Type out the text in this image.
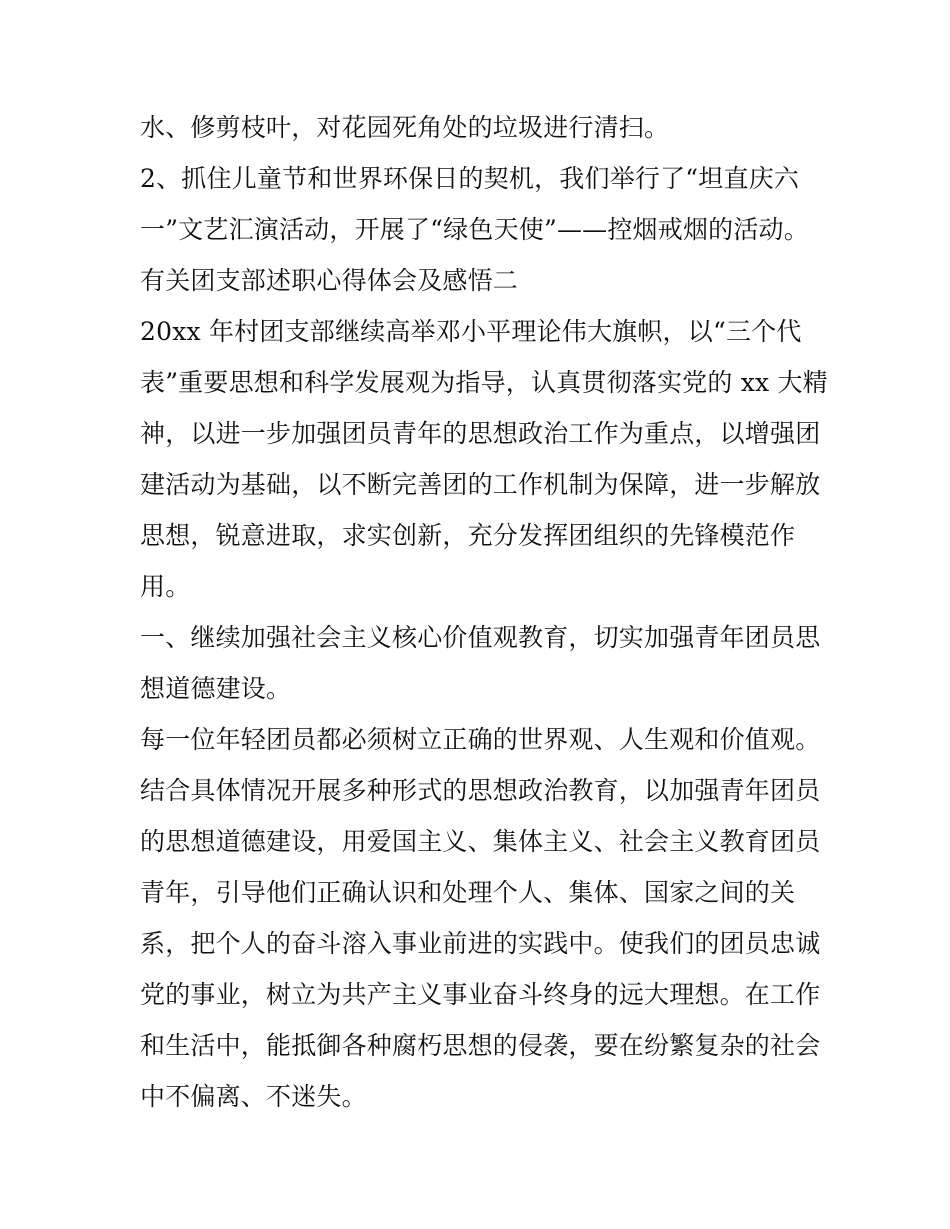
水、修剪枝叶，对花园死角处的垃圾进行清扫。

2、抓住儿童节和世界环保日的契机，我们举行了“坦直庆六

一”文艺汇演活动，开展了“绿色天使”——控烟戒烟的活动。

有关团支部述职心得体会及感悟二

20xx 年村团支部继续高举邓小平理论伟大旗帜，以“三个代

表”重要思想和科学发展观为指导，认真贯彻落实党的 xx 大精

神，以进一步加强团员青年的思想政治工作为重点，以增强团

建活动为基础，以不断完善团的工作机制为保障，进一步解放

思想，锐意进取，求实创新，充分发挥团组织的先锋模范作

用。

一、继续加强社会主义核心价值观教育，切实加强青年团员思

想道德建设。

每一位年轻团员都必须树立正确的世界观、人生观和价值观。

结合具体情况开展多种形式的思想政治教育，以加强青年团员

的思想道德建设，用爱国主义、集体主义、社会主义教育团员

青年，引导他们正确认识和处理个人、集体、国家之间的关

系，把个人的奋斗溶入事业前进的实践中。使我们的团员忠诚

党的事业，树立为共产主义事业奋斗终身的远大理想。在工作

和生活中，能抵御各种腐朽思想的侵袭，要在纷繁复杂的社会

中不偏离、不迷失。
